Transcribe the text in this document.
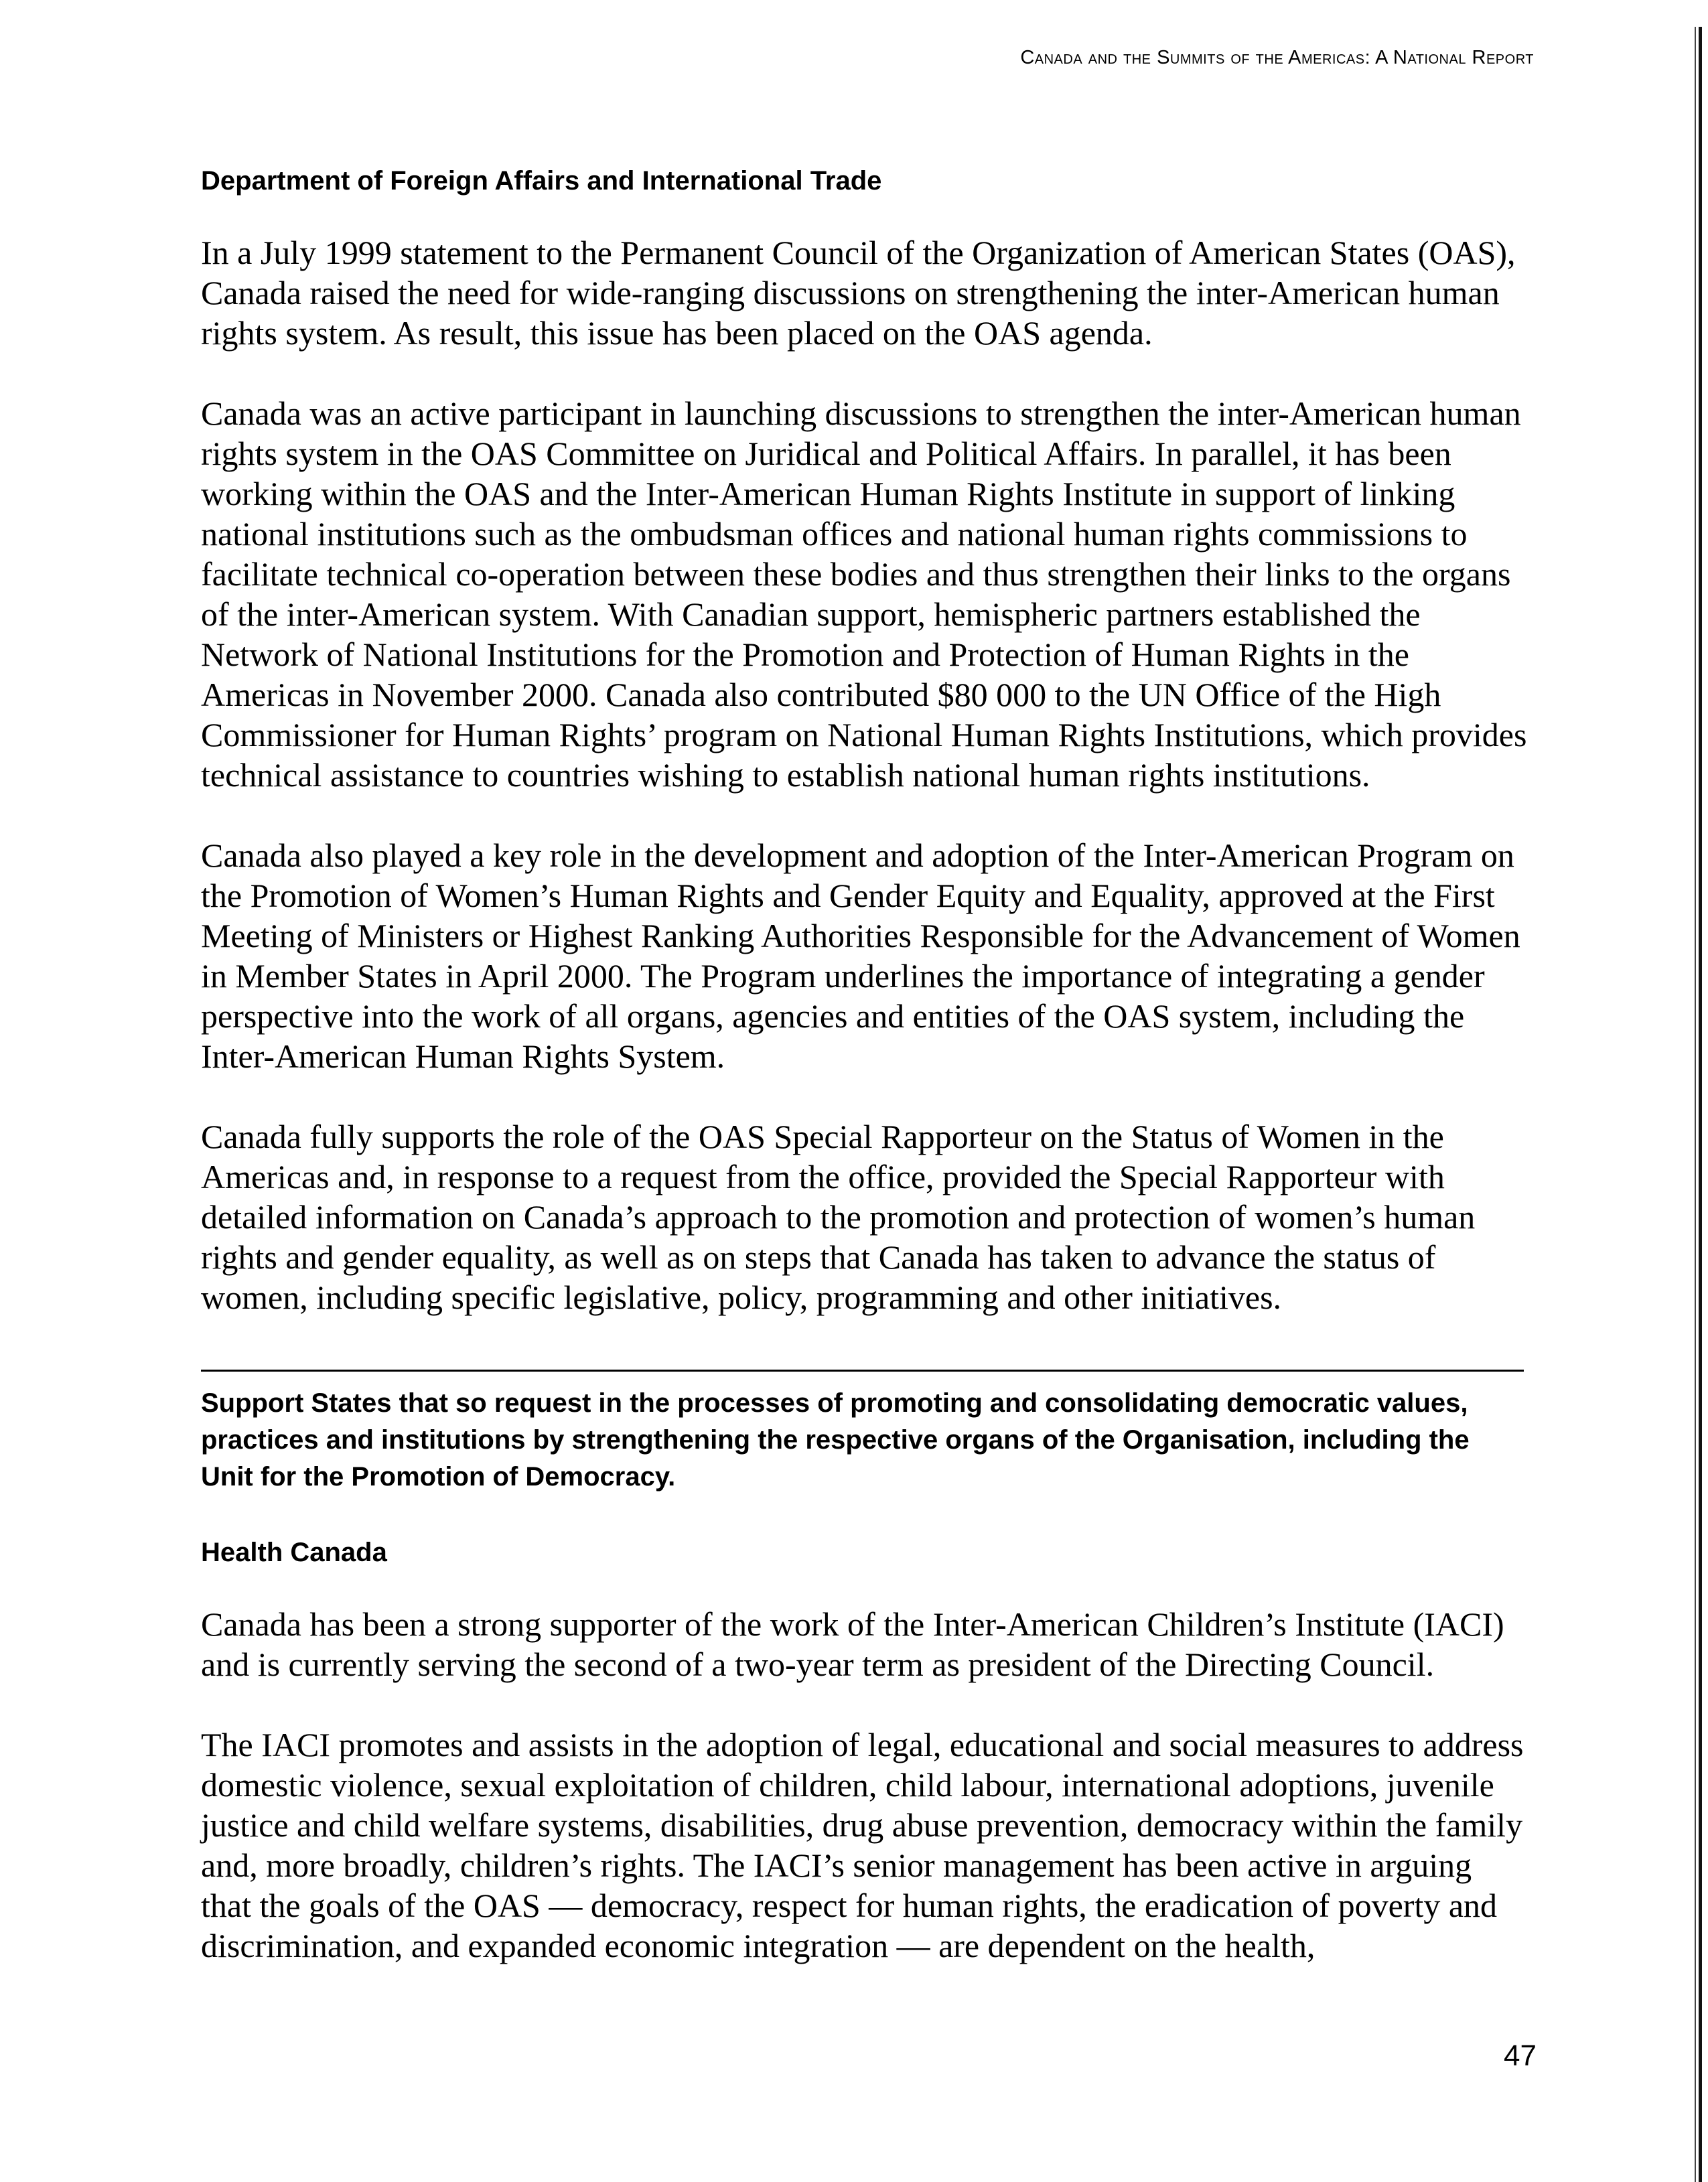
Canada and the Summits of the Americas: A National Report
Department of Foreign Affairs and International Trade

In a July 1999 statement to the Permanent Council of the Organization of American States (OAS), Canada raised the need for wide-ranging discussions on strengthening the inter-American human rights system. As result, this issue has been placed on the OAS agenda.

Canada was an active participant in launching discussions to strengthen the inter-American human rights system in the OAS Committee on Juridical and Political Affairs. In parallel, it has been working within the OAS and the Inter-American Human Rights Institute in support of linking national institutions such as the ombudsman offices and national human rights commissions to facilitate technical co-operation between these bodies and thus strengthen their links to the organs of the inter-American system. With Canadian support, hemispheric partners established the Network of National Institutions for the Promotion and Protection of Human Rights in the Americas in November 2000. Canada also contributed $80 000 to the UN Office of the High Commissioner for Human Rights’ program on National Human Rights Institutions, which provides technical assistance to countries wishing to establish national human rights institutions.

Canada also played a key role in the development and adoption of the Inter-American Program on the Promotion of Women’s Human Rights and Gender Equity and Equality, approved at the First Meeting of Ministers or Highest Ranking Authorities Responsible for the Advancement of Women in Member States in April 2000. The Program underlines the importance of integrating a gender perspective into the work of all organs, agencies and entities of the OAS system, including the Inter-American Human Rights System.

Canada fully supports the role of the OAS Special Rapporteur on the Status of Women in the Americas and, in response to a request from the office, provided the Special Rapporteur with detailed information on Canada’s approach to the promotion and protection of women’s human rights and gender equality, as well as on steps that Canada has taken to advance the status of women, including specific legislative, policy, programming and other initiatives.

Support States that so request in the processes of promoting and consolidating democratic values, practices and institutions by strengthening the respective organs of the Organisation, including the Unit for the Promotion of Democracy.
Health Canada

Canada has been a strong supporter of the work of the Inter-American Children’s Institute (IACI) and is currently serving the second of a two-year term as president of the Directing Council.

The IACI promotes and assists in the adoption of legal, educational and social measures to address domestic violence, sexual exploitation of children, child labour, international adoptions, juvenile justice and child welfare systems, disabilities, drug abuse prevention, democracy within the family and, more broadly, children’s rights. The IACI’s senior management has been active in arguing that the goals of the OAS — democracy, respect for human rights, the eradication of poverty and discrimination, and expanded economic integration — are dependent on the health,

47
